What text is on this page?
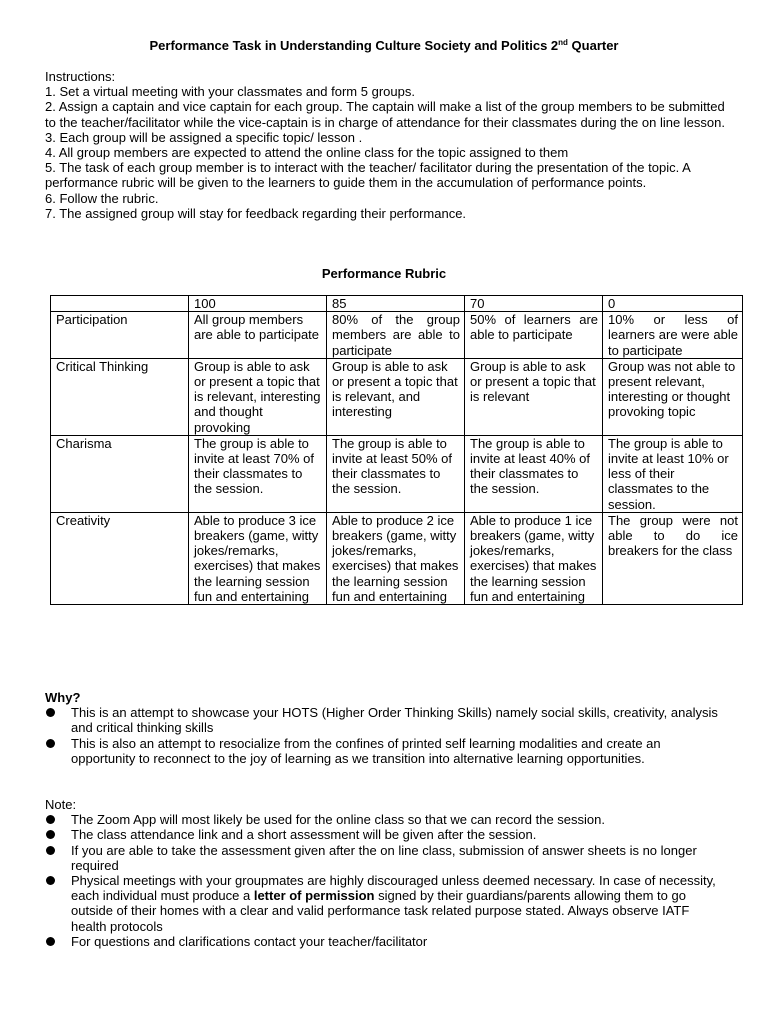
Performance Task in Understanding Culture Society and Politics 2nd Quarter

Instructions:

1. Set a virtual meeting with your classmates and form 5 groups.

2. Assign a captain and vice captain for each group. The captain will make a list of the group members to be submitted to the teacher/facilitator while the vice-captain is in charge of attendance for their classmates during the on line lesson.

3. Each group will be assigned a specific topic/ lesson .

4. All group members are expected to attend the online class for the topic assigned to them

5. The task of each group member is to interact with the teacher/ facilitator during the presentation of the topic. A performance rubric will be given to the learners to guide them in the accumulation of performance points.

6. Follow the rubric.

7. The assigned group will stay for feedback regarding their performance.

Performance Rubric
	100	85	70	0
Participation	All group members are able to participate	80% of the group members are able to participate	50% of learners are able to participate	10% or less of learners are were able to participate
Critical Thinking	Group is able to ask or present a topic that is relevant, interesting and thought provoking	Group is able to ask or present a topic that is relevant, and interesting	Group is able to ask or present a topic that is relevant	Group was not able to present relevant, interesting or thought provoking topic
Charisma	The group is able to invite at least 70% of their classmates to the session.	The group is able to invite at least 50% of their classmates to the session.	The group is able to invite at least 40% of their classmates to the session.	The group is able to invite at least 10% or less of their classmates to the session.
Creativity	Able to produce 3 ice breakers (game, witty jokes/remarks, exercises) that makes the learning session fun and entertaining	Able to produce 2 ice breakers (game, witty jokes/remarks, exercises) that makes the learning session fun and entertaining	Able to produce 1 ice breakers (game, witty jokes/remarks, exercises) that makes the learning session fun and entertaining	The group were not able to do ice breakers for the class

Why?

This is an attempt to showcase your HOTS (Higher Order Thinking Skills) namely social skills, creativity, analysis and critical thinking skills
This is also an attempt to resocialize from the confines of printed self learning modalities and create an opportunity to reconnect to the joy of learning as we transition into alternative learning opportunities.

Note:

The Zoom App will most likely be used for the online class so that we can record the session.
The class attendance link and a short assessment will be given after the session.
If you are able to take the assessment given after the on line class, submission of answer sheets is no longer required
Physical meetings with your groupmates are highly discouraged unless deemed necessary. In case of necessity, each individual must produce a letter of permission signed by their guardians/parents allowing them to go outside of their homes with a clear and valid performance task related purpose stated. Always observe IATF health protocols
For questions and clarifications contact your teacher/facilitator
